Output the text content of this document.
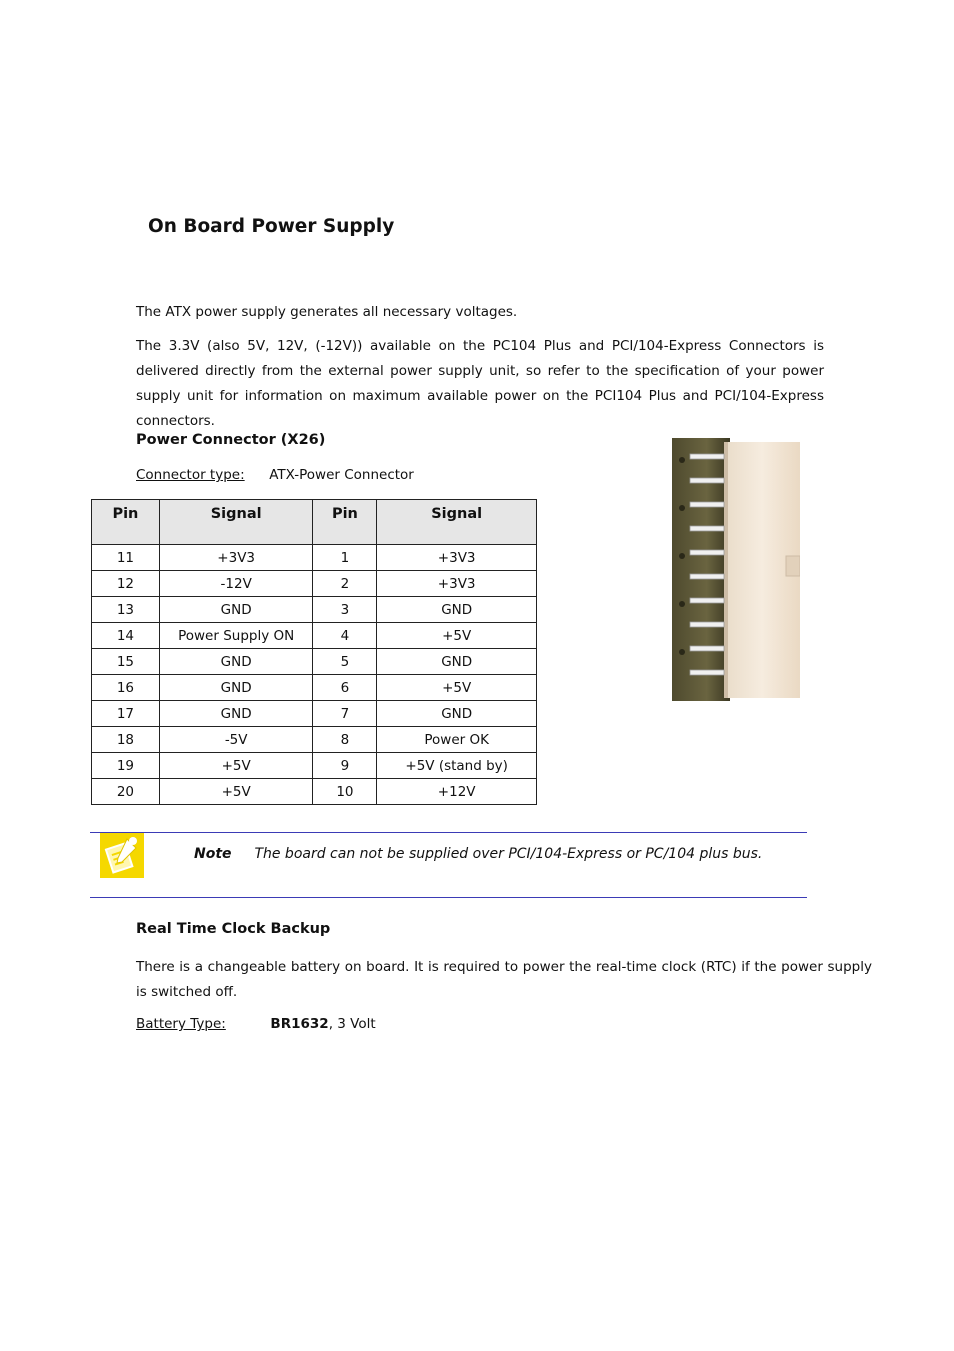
On Board Power Supply

The ATX power supply generates all necessary voltages.

The 3.3V (also 5V, 12V, (-12V)) available on the PC104 Plus and PCI/104-Express Connectors is delivered directly from the external power supply unit, so refer to the specification of your power supply unit for information on maximum available power on the PCI104 Plus and PCI/104-Express connectors.

Power Connector (X26)
Connector type: ATX-Power Connector
Pin	Signal	Pin	Signal
11	+3V3	1	+3V3
12	-12V	2	+3V3
13	GND	3	GND
14	Power Supply ON	4	+5V
15	GND	5	GND
16	GND	6	+5V
17	GND	7	GND
18	-5V	8	Power OK
19	+5V	9	+5V (stand by)
20	+5V	10	+12V
Note The board can not be supplied over PCI/104-Express or PC/104 plus bus.
Real Time Clock Backup

There is a changeable battery on board. It is required to power the real-time clock (RTC) if the power supply is switched off.

Battery Type:	BR1632, 3 Volt
